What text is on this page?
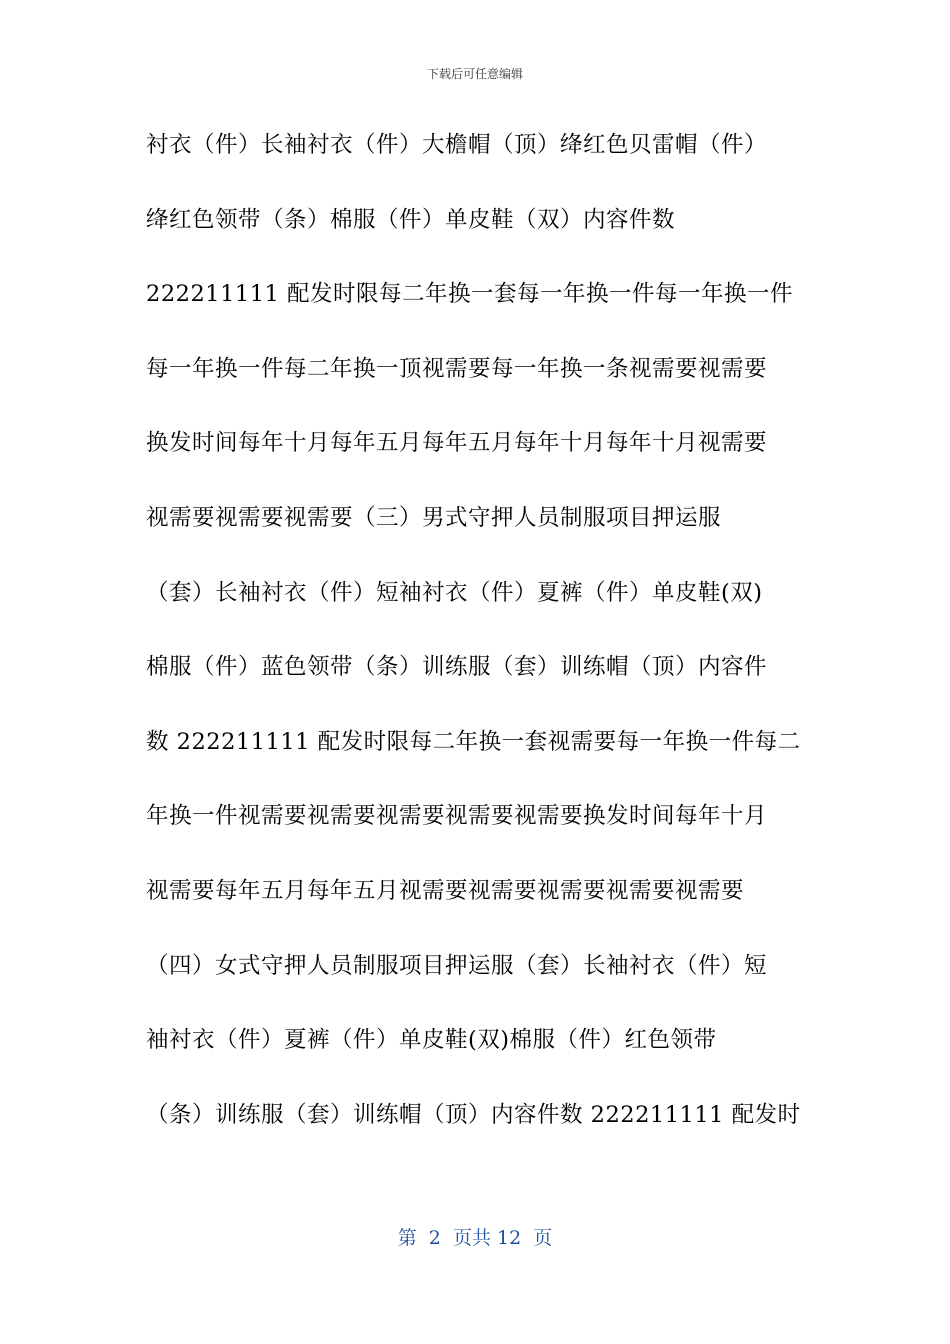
下载后可任意编辑
衬衣（件）长袖衬衣（件）大檐帽（顶）绛红色贝雷帽（件）
绛红色领带（条）棉服（件）单皮鞋（双）内容件数
222211111 配发时限每二年换一套每一年换一件每一年换一件
每一年换一件每二年换一顶视需要每一年换一条视需要视需要
换发时间每年十月每年五月每年五月每年十月每年十月视需要
视需要视需要视需要（三）男式守押人员制服项目押运服
（套）长袖衬衣（件）短袖衬衣（件）夏裤（件）单皮鞋(双)
棉服（件）蓝色领带（条）训练服（套）训练帽（顶）内容件
数 222211111 配发时限每二年换一套视需要每一年换一件每二
年换一件视需要视需要视需要视需要视需要换发时间每年十月
视需要每年五月每年五月视需要视需要视需要视需要视需要
（四）女式守押人员制服项目押运服（套）长袖衬衣（件）短
袖衬衣（件）夏裤（件）单皮鞋(双)棉服（件）红色领带
（条）训练服（套）训练帽（顶）内容件数 222211111 配发时
第  2  页共 12  页
